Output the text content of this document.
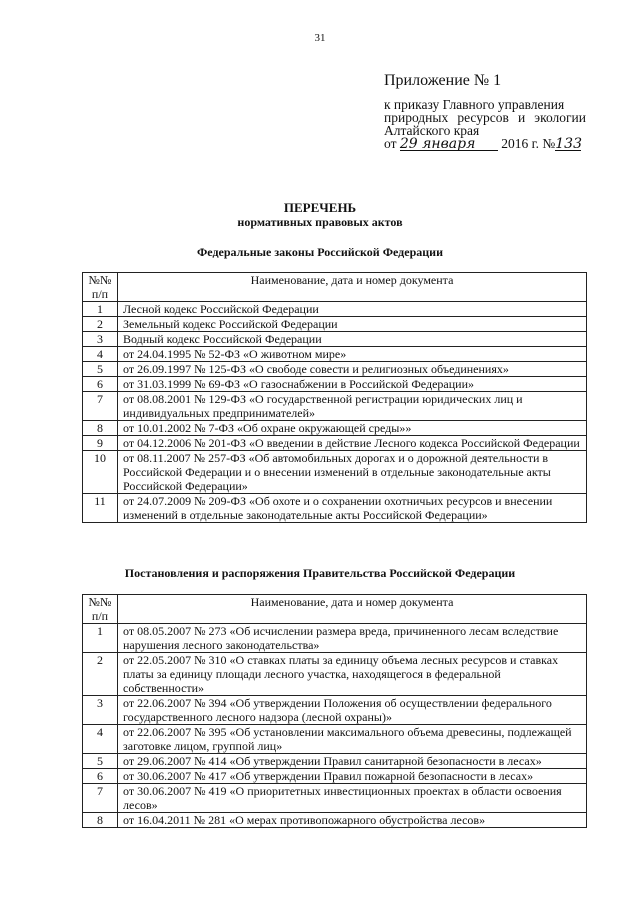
31
Приложение № 1
к приказу Главного управления
природных ресурсов и экологии
Алтайского края
от 29 января 2016 г. №133
ПЕРЕЧЕНЬ
нормативных правовых актов
Федеральные законы Российской Федерации
№№ п/п	Наименование, дата и номер документа
1	Лесной кодекс Российской Федерации
2	Земельный кодекс Российской Федерации
3	Водный кодекс Российской Федерации
4	от 24.04.1995 № 52-ФЗ «О животном мире»
5	от 26.09.1997 № 125-ФЗ «О свободе совести и религиозных объединениях»
6	от 31.03.1999 № 69-ФЗ «О газоснабжении в Российской Федерации»
7	от 08.08.2001 № 129-ФЗ «О государственной регистрации юридических лиц и индивидуальных предпринимателей»
8	от 10.01.2002 № 7-ФЗ «Об охране окружающей среды»»
9	от 04.12.2006 № 201-ФЗ «О введении в действие Лесного кодекса Российской Федерации
10	от 08.11.2007 № 257-ФЗ «Об автомобильных дорогах и о дорожной деятельности в Российской Федерации и о внесении изменений в отдельные законодательные акты Российской Федерации»
11	от 24.07.2009 № 209-ФЗ «Об охоте и о сохранении охотничьих ресурсов и внесении изменений в отдельные законодательные акты Российской Федерации»
Постановления и распоряжения Правительства Российской Федерации
№№ п/п	Наименование, дата и номер документа
1	от 08.05.2007 № 273 «Об исчислении размера вреда, причиненного лесам вследствие нарушения лесного законодательства»
2	от 22.05.2007 № 310 «О ставках платы за единицу объема лесных ресурсов и ставках платы за единицу площади лесного участка, находящегося в федеральной собственности»
3	от 22.06.2007 № 394 «Об утверждении Положения об осуществлении федерального государственного лесного надзора (лесной охраны)»
4	от 22.06.2007 № 395 «Об установлении максимального объема древесины, подлежащей заготовке лицом, группой лиц»
5	от 29.06.2007 № 414 «Об утверждении Правил санитарной безопасности в лесах»
6	от 30.06.2007 № 417 «Об утверждении Правил пожарной безопасности в лесах»
7	от 30.06.2007 № 419 «О приоритетных инвестиционных проектах в области освоения лесов»
8	от 16.04.2011 № 281 «О мерах противопожарного обустройства лесов»
